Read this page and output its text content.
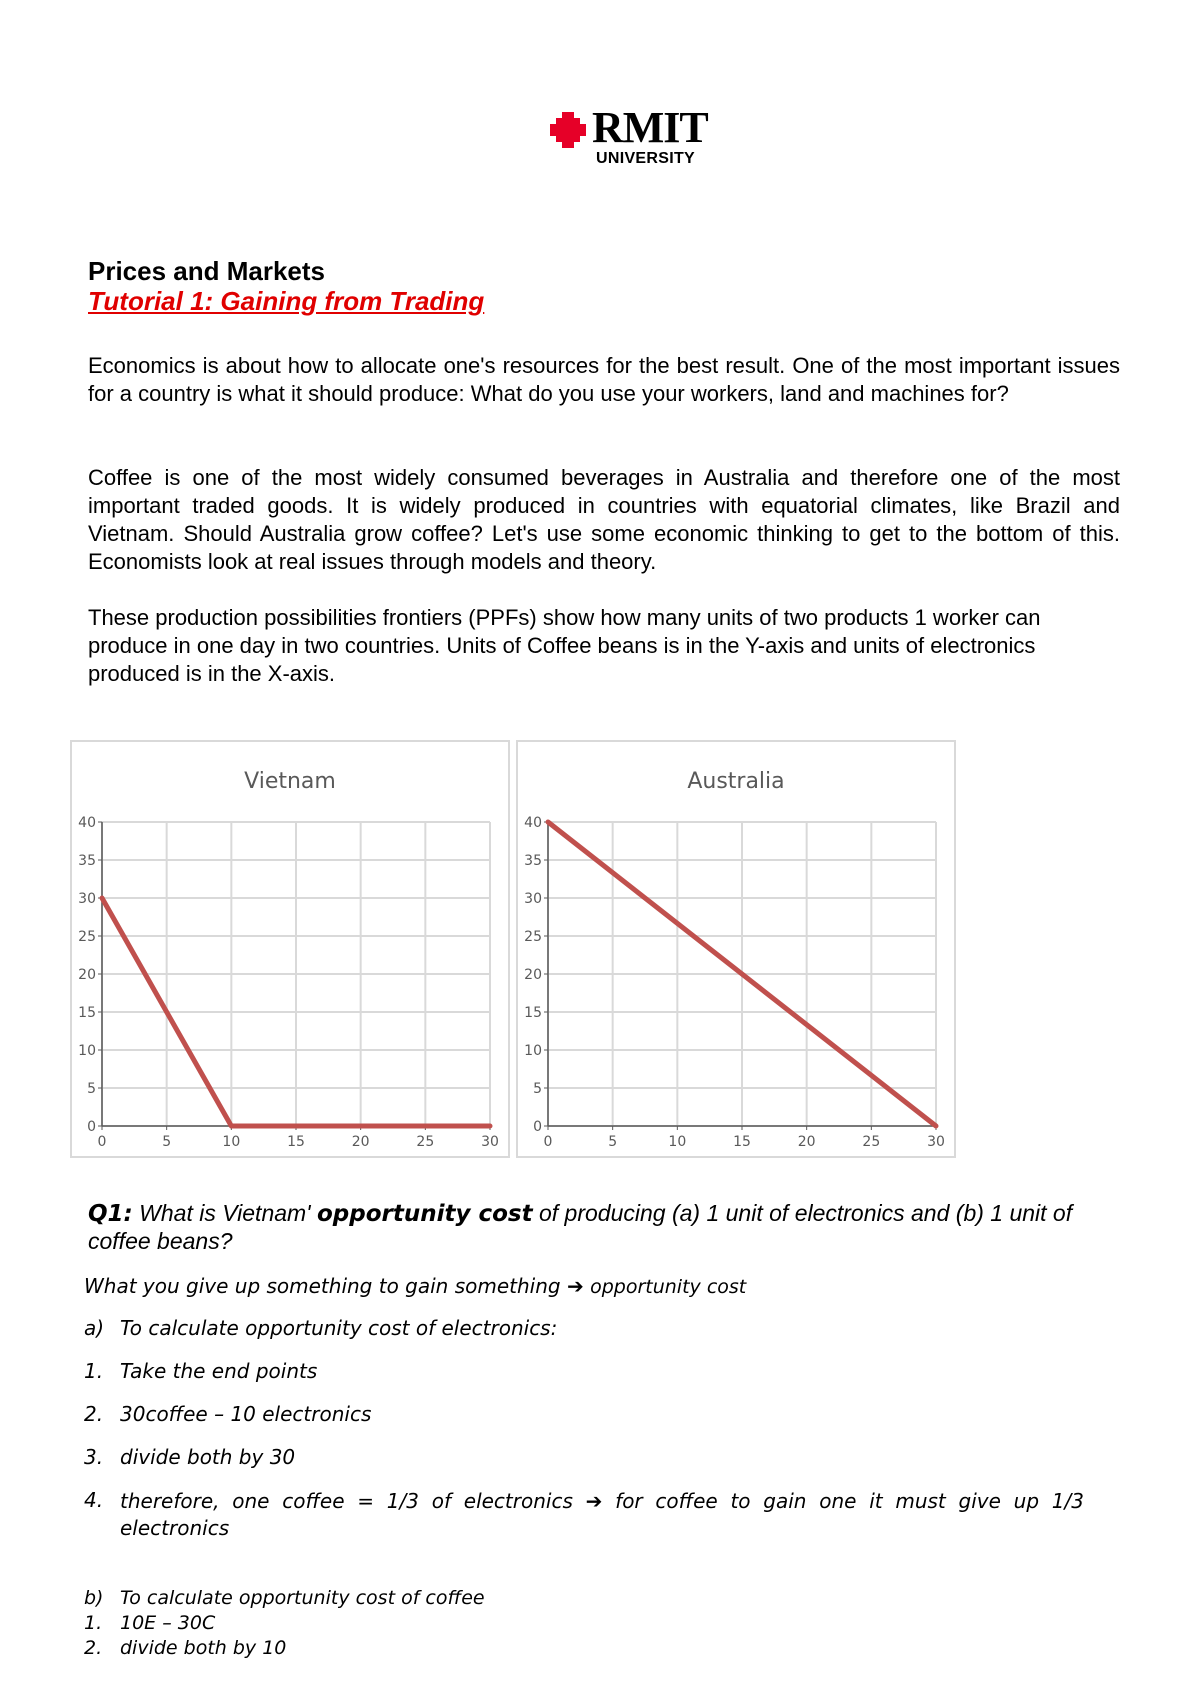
RMIT
UNIVERSITY
Prices and Markets
Tutorial 1: Gaining from Trading
Economics is about how to allocate one's resources for the best result. One of the most important issues for a country is what it should produce: What do you use your workers, land and machines for?
Coffee is one of the most widely consumed beverages in Australia and therefore one of the most important traded goods. It is widely produced in countries with equatorial climates, like Brazil and Vietnam. Should Australia grow coffee? Let's use some economic thinking to get to the bottom of this. Economists look at real issues through models and theory.
These production possibilities frontiers (PPFs) show how many units of two products 1 worker can produce in one day in two countries. Units of Coffee beans is in the Y-axis and units of electronics produced is in the X-axis.
Vietnam
0
5
10
15
20
25
30
35
40
0	5	10	15	20	25	30
Australia
0
5
10
15
20
25
30
35
40
0	5	10	15	20	25	30
Q1: What is Vietnam' opportunity cost of producing (a) 1 unit of electronics and (b) 1 unit of coffee beans?
What you give up something to gain something ➔ opportunity cost
a) To calculate opportunity cost of electronics:
1. Take the end points
2. 30coffee – 10 electronics
3. divide both by 30
4. therefore, one coffee = 1/3 of electronics ➔ for coffee to gain one it must give up 1/3 electronics
b) To calculate opportunity cost of coffee
1. 10E – 30C
2. divide both by 10
